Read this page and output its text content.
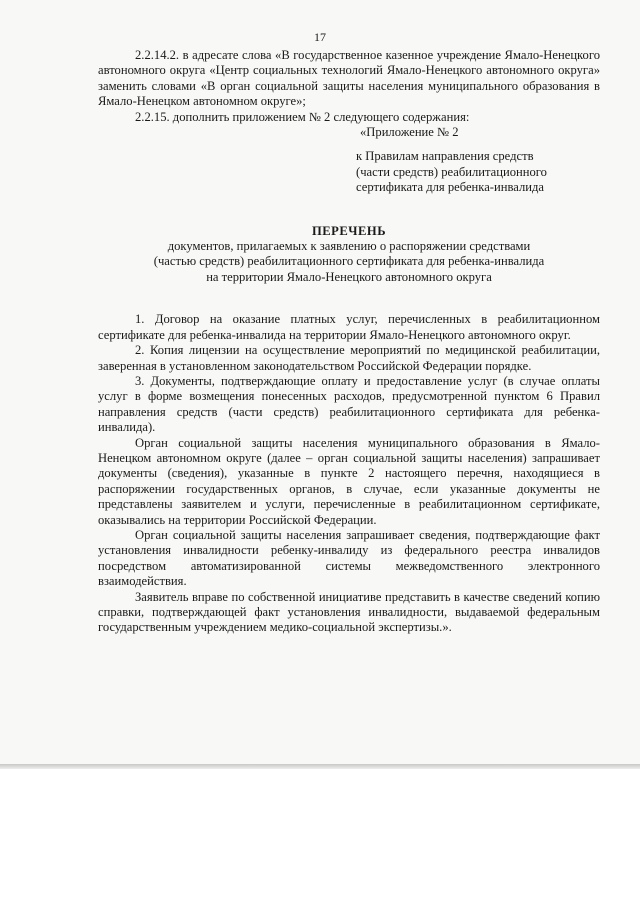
17

2.2.14.2. в адресате слова «В государственное казенное учреждение Ямало-Ненецкого автономного округа «Центр социальных технологий Ямало-Ненецкого автономного округа» заменить словами «В орган социальной защиты населения муниципального образования в Ямало-Ненецком автономном округе»;

2.2.15. дополнить приложением № 2 следующего содержания:

«Приложение № 2

к Правилам направления средств
(части средств) реабилитационного
сертификата для ребенка-инвалида

ПЕРЕЧЕНЬ

документов, прилагаемых к заявлению о распоряжении средствами
(частью средств) реабилитационного сертификата для ребенка-инвалида
на территории Ямало-Ненецкого автономного округа

1. Договор на оказание платных услуг, перечисленных в реабилитационном сертификате для ребенка-инвалида на территории Ямало-Ненецкого автономного округ.

2. Копия лицензии на осуществление мероприятий по медицинской реабилитации, заверенная в установленном законодательством Российской Федерации порядке.

3. Документы, подтверждающие оплату и предоставление услуг (в случае оплаты услуг в форме возмещения понесенных расходов, предусмотренной пунктом 6 Правил направления средств (части средств) реабилитационного сертификата для ребенка-инвалида).

Орган социальной защиты населения муниципального образования в Ямало-Ненецком автономном округе (далее – орган социальной защиты населения) запрашивает документы (сведения), указанные в пункте 2 настоящего перечня, находящиеся в распоряжении государственных органов, в случае, если указанные документы не представлены заявителем и услуги, перечисленные в реабилитационном сертификате, оказывались на территории Российской Федерации.

Орган социальной защиты населения запрашивает сведения, подтверждающие факт установления инвалидности ребенку-инвалиду из федерального реестра инвалидов посредством автоматизированной системы межведомственного электронного взаимодействия.

Заявитель вправе по собственной инициативе представить в качестве сведений копию справки, подтверждающей факт установления инвалидности, выдаваемой федеральным государственным учреждением медико-социальной экспертизы.».
